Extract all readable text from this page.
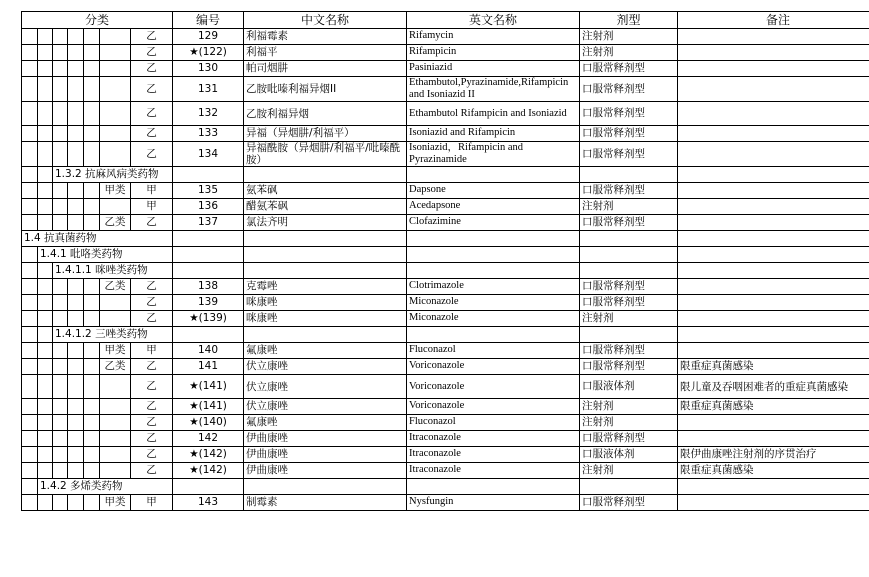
分类							编号	中文名称	英文名称	剂型	备注
						乙	129	利福霉素	Rifamycin	注射剂	
						乙	★(122)	利福平	Rifampicin	注射剂	
						乙	130	帕司烟肼	Pasiniazid	口服常释剂型	
						乙	131	乙胺吡嗪利福异烟II	Ethambutol,Pyrazinamide,Rifampicin and Isoniazid II	口服常释剂型	
						乙	132	乙胺利福异烟	Ethambutol Rifampicin and Isoniazid	口服常释剂型	
						乙	133	异福（异烟肼/利福平）	Isoniazid and Rifampicin	口服常释剂型	
						乙	134	异福酰胺（异烟肼/利福平/吡嗪酰胺）	Isoniazid，Rifampicin and Pyrazinamide	口服常释剂型	
		1.3.2 抗麻风病类药物									
					甲类	甲	135	氨苯砜	Dapsone	口服常释剂型	
						甲	136	醋氨苯砜	Acedapsone	注射剂	
					乙类	乙	137	氯法齐明	Clofazimine	口服常释剂型	
1.4 抗真菌药物											
	1.4.1 吡咯类药物										
		1.4.1.1 咪唑类药物									
					乙类	乙	138	克霉唑	Clotrimazole	口服常释剂型	
						乙	139	咪康唑	Miconazole	口服常释剂型	
						乙	★(139)	咪康唑	Miconazole	注射剂	
		1.4.1.2 三唑类药物									
					甲类	甲	140	氟康唑	Fluconazol	口服常释剂型	
					乙类	乙	141	伏立康唑	Voriconazole	口服常释剂型	限重症真菌感染
						乙	★(141)	伏立康唑	Voriconazole	口服液体剂	限儿童及吞咽困难者的重症真菌感染
						乙	★(141)	伏立康唑	Voriconazole	注射剂	限重症真菌感染
						乙	★(140)	氟康唑	Fluconazol	注射剂	
						乙	142	伊曲康唑	Itraconazole	口服常释剂型	
						乙	★(142)	伊曲康唑	Itraconazole	口服液体剂	限伊曲康唑注射剂的序贯治疗
						乙	★(142)	伊曲康唑	Itraconazole	注射剂	限重症真菌感染
	1.4.2 多烯类药物										
					甲类	甲	143	制霉素	Nysfungin	口服常释剂型	
